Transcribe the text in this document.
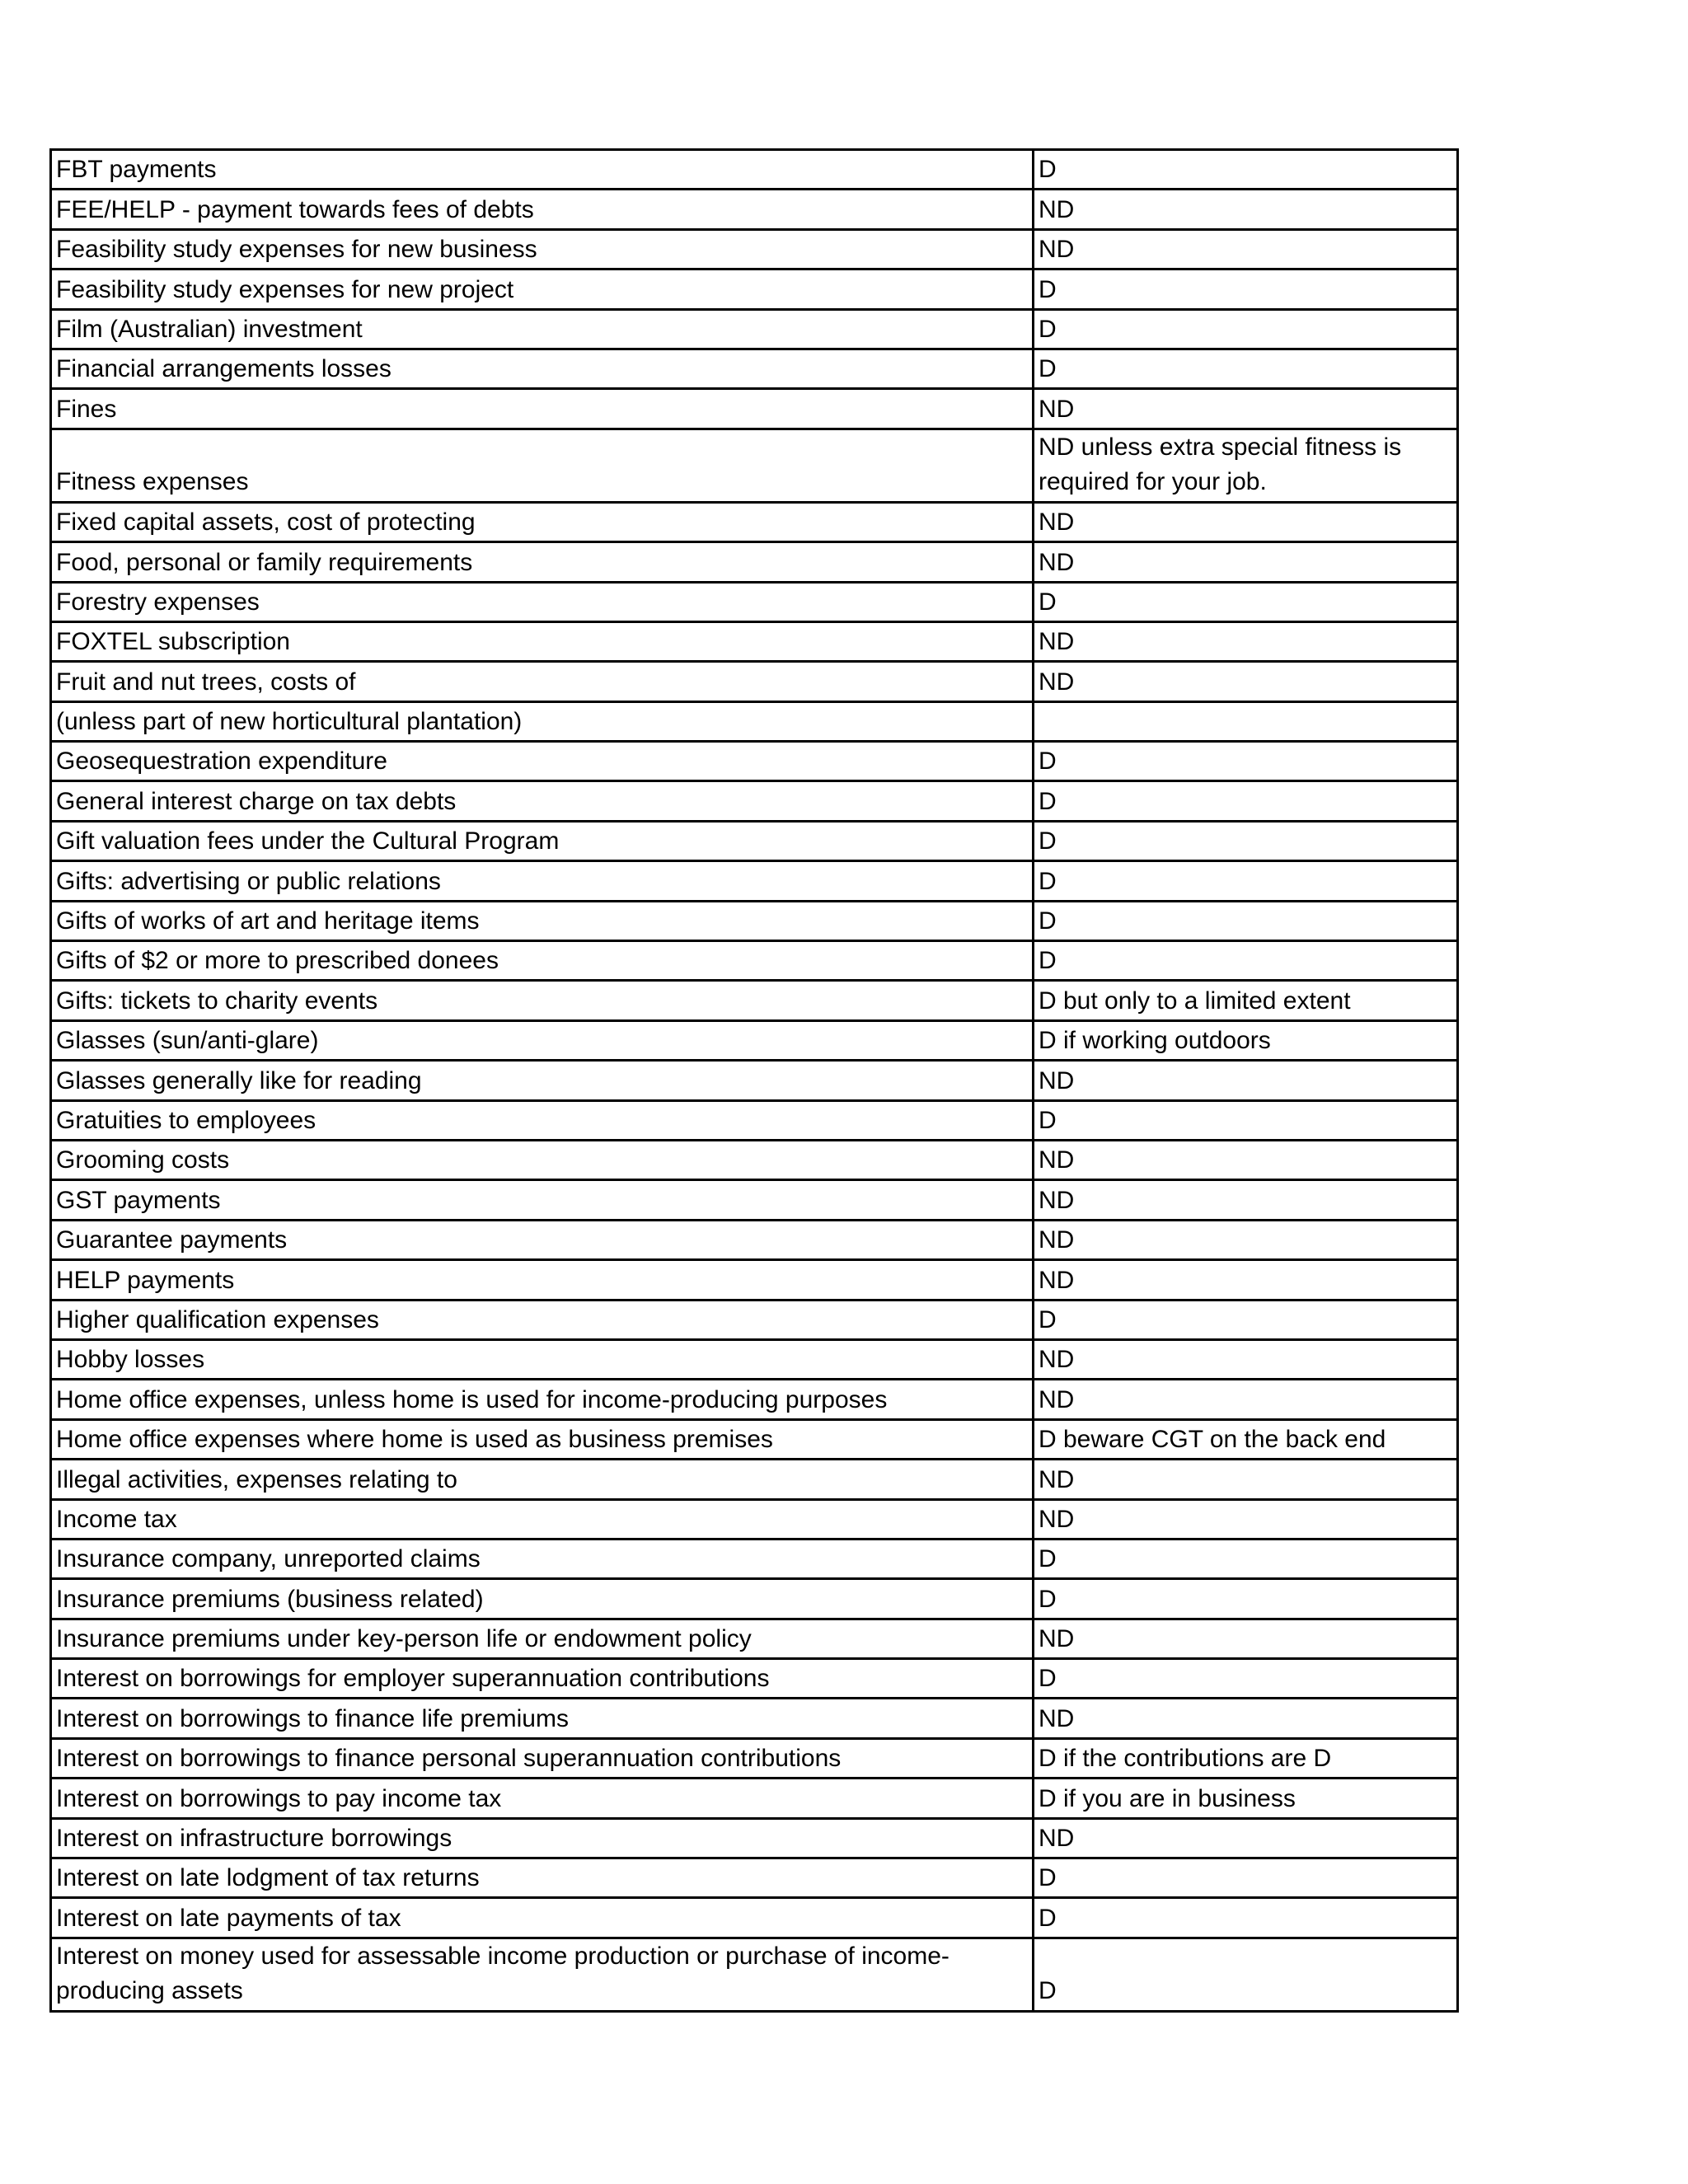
FBT payments	D
FEE/HELP - payment towards fees of debts	ND
Feasibility study expenses for new business	ND
Feasibility study expenses for new project	D
Film (Australian) investment	D
Financial arrangements losses	D
Fines	ND
Fitness expenses	ND unless extra special fitness is required for your job.
Fixed capital assets, cost of protecting	ND
Food, personal or family requirements	ND
Forestry expenses	D
FOXTEL subscription	ND
Fruit and nut trees, costs of	ND
(unless part of new horticultural plantation)	
Geosequestration expenditure	D
General interest charge on tax debts	D
Gift valuation fees under the Cultural Program	D
Gifts: advertising or public relations	D
Gifts of works of art and heritage items	D
Gifts of $2 or more to prescribed donees	D
Gifts: tickets to charity events	D but only to a limited extent
Glasses (sun/anti-glare)	D if working outdoors
Glasses generally like for reading	ND
Gratuities to employees	D
Grooming costs	ND
GST payments	ND
Guarantee payments	ND
HELP payments	ND
Higher qualification expenses	D
Hobby losses	ND
Home office expenses, unless home is used for income-producing purposes	ND
Home office expenses where home is used as business premises	D beware CGT on the back end
Illegal activities, expenses relating to	ND
Income tax	ND
Insurance company, unreported claims	D
Insurance premiums (business related)	D
Insurance premiums under key-person life or endowment policy	ND
Interest on borrowings for employer superannuation contributions	D
Interest on borrowings to finance life premiums	ND
Interest on borrowings to finance personal superannuation contributions	D if the contributions are D
Interest on borrowings to pay income tax	D if you are in business
Interest on infrastructure borrowings	ND
Interest on late lodgment of tax returns	D
Interest on late payments of tax	D
Interest on money used for assessable income production or purchase of income-producing assets	D
